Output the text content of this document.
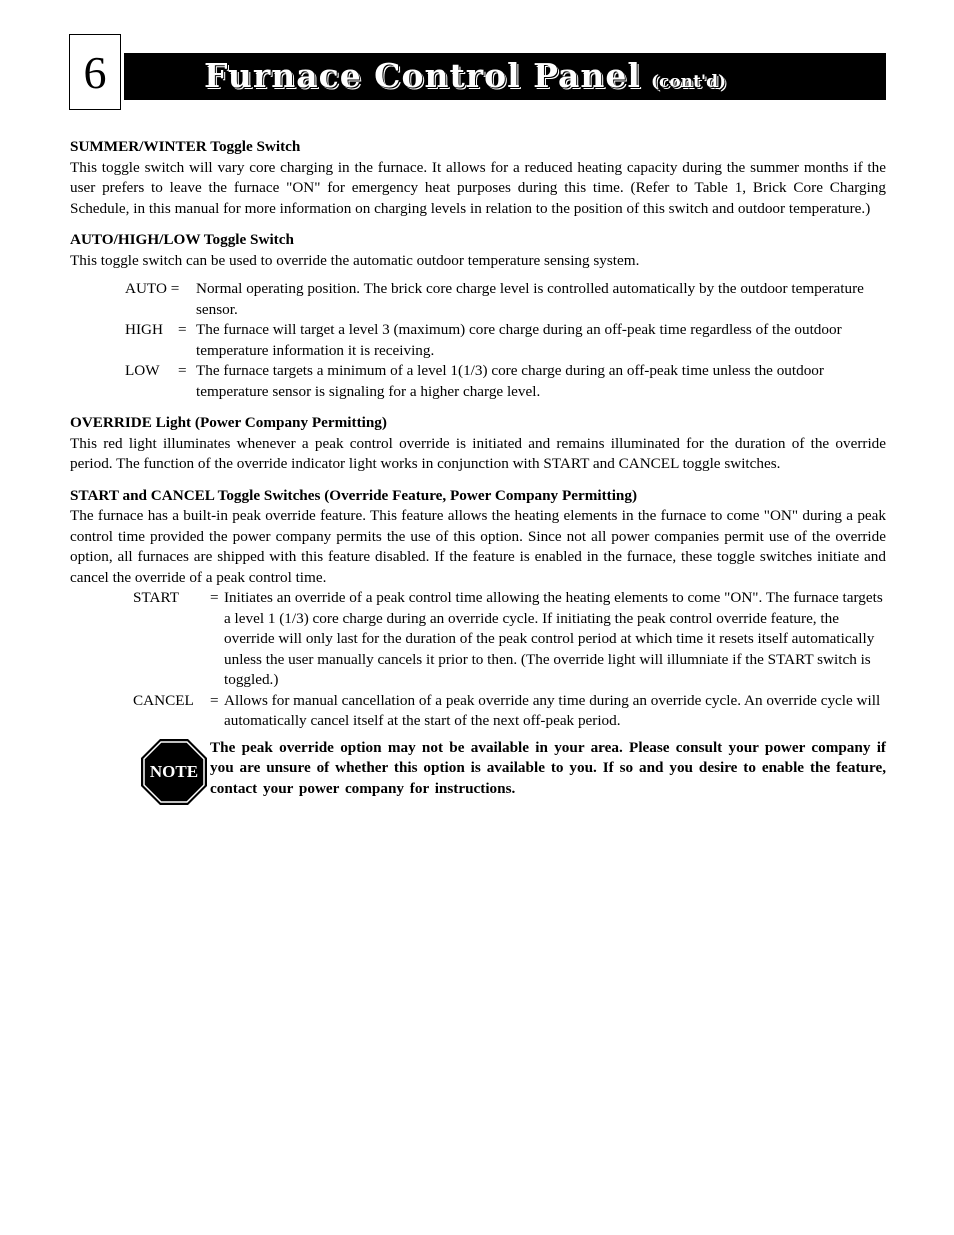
6	Furnace Control Panel (cont'd)
SUMMER/WINTER Toggle Switch
This toggle switch will vary core charging in the furnace. It allows for a reduced heating capacity during the summer months if the user prefers to leave the furnace "ON" for emergency heat purposes during this time. (Refer to Table 1, Brick Core Charging Schedule, in this manual for more information on charging levels in relation to the position of this switch and outdoor temperature.)
AUTO/HIGH/LOW Toggle Switch
This toggle switch can be used to override the automatic outdoor temperature sensing system.
AUTO =	Normal operating position. The brick core charge level is controlled automatically by the outdoor temperature sensor.
HIGH = The furnace will target a level 3 (maximum) core charge during an off-peak time regardless of the outdoor temperature information it is receiving.
LOW	= The furnace targets a minimum of a level 1(1/3) core charge during an off-peak time unless the outdoor temperature sensor is signaling for a higher charge level.
OVERRIDE Light (Power Company Permitting)
This red light illuminates whenever a peak control override is initiated and remains illuminated for the duration of the override period. The function of the override indicator light works in conjunction with START and CANCEL toggle switches.
START and CANCEL Toggle Switches (Override Feature, Power Company Permitting)
The furnace has a built-in peak override feature. This feature allows the heating elements in the furnace to come "ON" during a peak control time provided the power company permits the use of this option. Since not all power companies permit use of the override option, all furnaces are shipped with this feature disabled. If the feature is enabled in the furnace, these toggle switches initiate and cancel the override of a peak control time.
START	= Initiates an override of a peak control time allowing the heating elements to come "ON". The furnace targets a level 1 (1/3) core charge during an override cycle. If initiating the peak control override feature, the override will only last for the duration of the peak control period at which time it resets itself automatically unless the user manually cancels it prior to then. (The override light will illumniate if the START switch is toggled.)
CANCEL	= Allows for manual cancellation of a peak override any time during an override cycle. An override cycle will automatically cancel itself at the start of the next off-peak period.
NOTE
The peak override option may not be available in your area. Please consult your power company if you are unsure of whether this option is available to you. If so and you desire to enable the feature, contact your power company for instructions.
